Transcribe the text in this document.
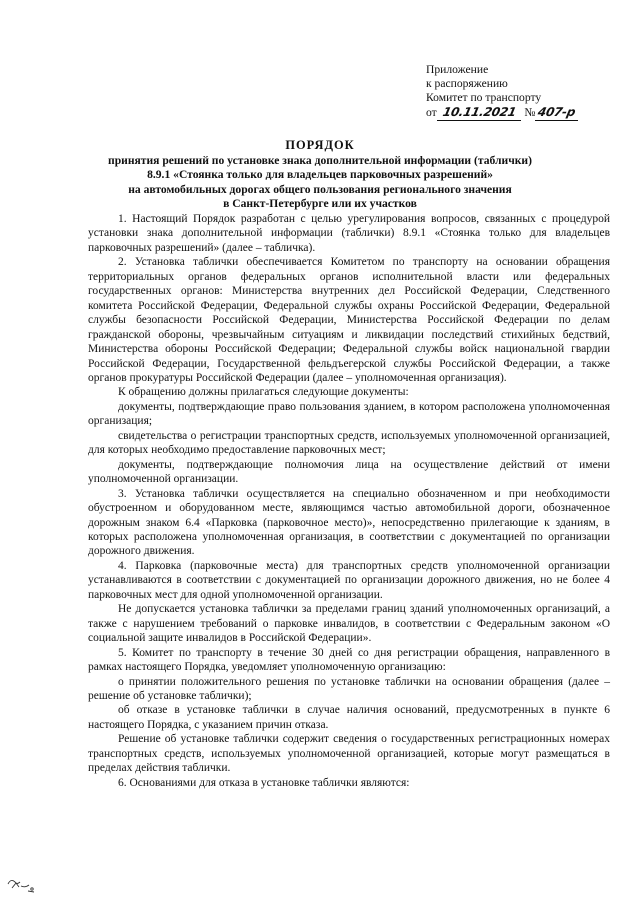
Приложение
к распоряжению
Комитет по транспорту
от 10.11.2021 № 407-р
ПОРЯДОК
принятия решений по установке знака дополнительной информации (таблички)
8.9.1 «Стоянка только для владельцев парковочных разрешений»
на автомобильных дорогах общего пользования регионального значения
в Санкт-Петербурге или их участков

1. Настоящий Порядок разработан с целью урегулирования вопросов, связанных с процедурой установки знака дополнительной информации (таблички) 8.9.1 «Стоянка только для владельцев парковочных разрешений» (далее – табличка).

2. Установка таблички обеспечивается Комитетом по транспорту на основании обращения территориальных органов федеральных органов исполнительной власти или федеральных государственных органов: Министерства внутренних дел Российской Федерации, Следственного комитета Российской Федерации, Федеральной службы охраны Российской Федерации, Федеральной службы безопасности Российской Федерации, Министерства Российской Федерации по делам гражданской обороны, чрезвычайным ситуациям и ликвидации последствий стихийных бедствий, Министерства обороны Российской Федерации; Федеральной службы войск национальной гвардии Российской Федерации, Государственной фельдъегерской службы Российской Федерации, а также органов прокуратуры Российской Федерации (далее – уполномоченная организация).

К обращению должны прилагаться следующие документы:

документы, подтверждающие право пользования зданием, в котором расположена уполномоченная организация;

свидетельства о регистрации транспортных средств, используемых уполномоченной организацией, для которых необходимо предоставление парковочных мест;

документы, подтверждающие полномочия лица на осуществление действий от имени уполномоченной организации.

3. Установка таблички осуществляется на специально обозначенном и при необходимости обустроенном и оборудованном месте, являющимся частью автомобильной дороги, обозначенное дорожным знаком 6.4 «Парковка (парковочное место)», непосредственно прилегающие к зданиям, в которых расположена уполномоченная организация, в соответствии с документацией по организации дорожного движения.

4. Парковка (парковочные места) для транспортных средств уполномоченной организации устанавливаются в соответствии с документацией по организации дорожного движения, но не более 4 парковочных мест для одной уполномоченной организации.

Не допускается установка таблички за пределами границ зданий уполномоченных организаций, а также с нарушением требований о парковке инвалидов, в соответствии с Федеральным законом «О социальной защите инвалидов в Российской Федерации».

5. Комитет по транспорту в течение 30 дней со дня регистрации обращения, направленного в рамках настоящего Порядка, уведомляет уполномоченную организацию:

о принятии положительного решения по установке таблички на основании обращения (далее – решение об установке таблички);

об отказе в установке таблички в случае наличия оснований, предусмотренных в пункте 6 настоящего Порядка, с указанием причин отказа.

Решение об установке таблички содержит сведения о государственных регистрационных номерах транспортных средств, используемых уполномоченной организацией, которые могут размещаться в пределах действия таблички.

6. Основаниями для отказа в установке таблички являются:
